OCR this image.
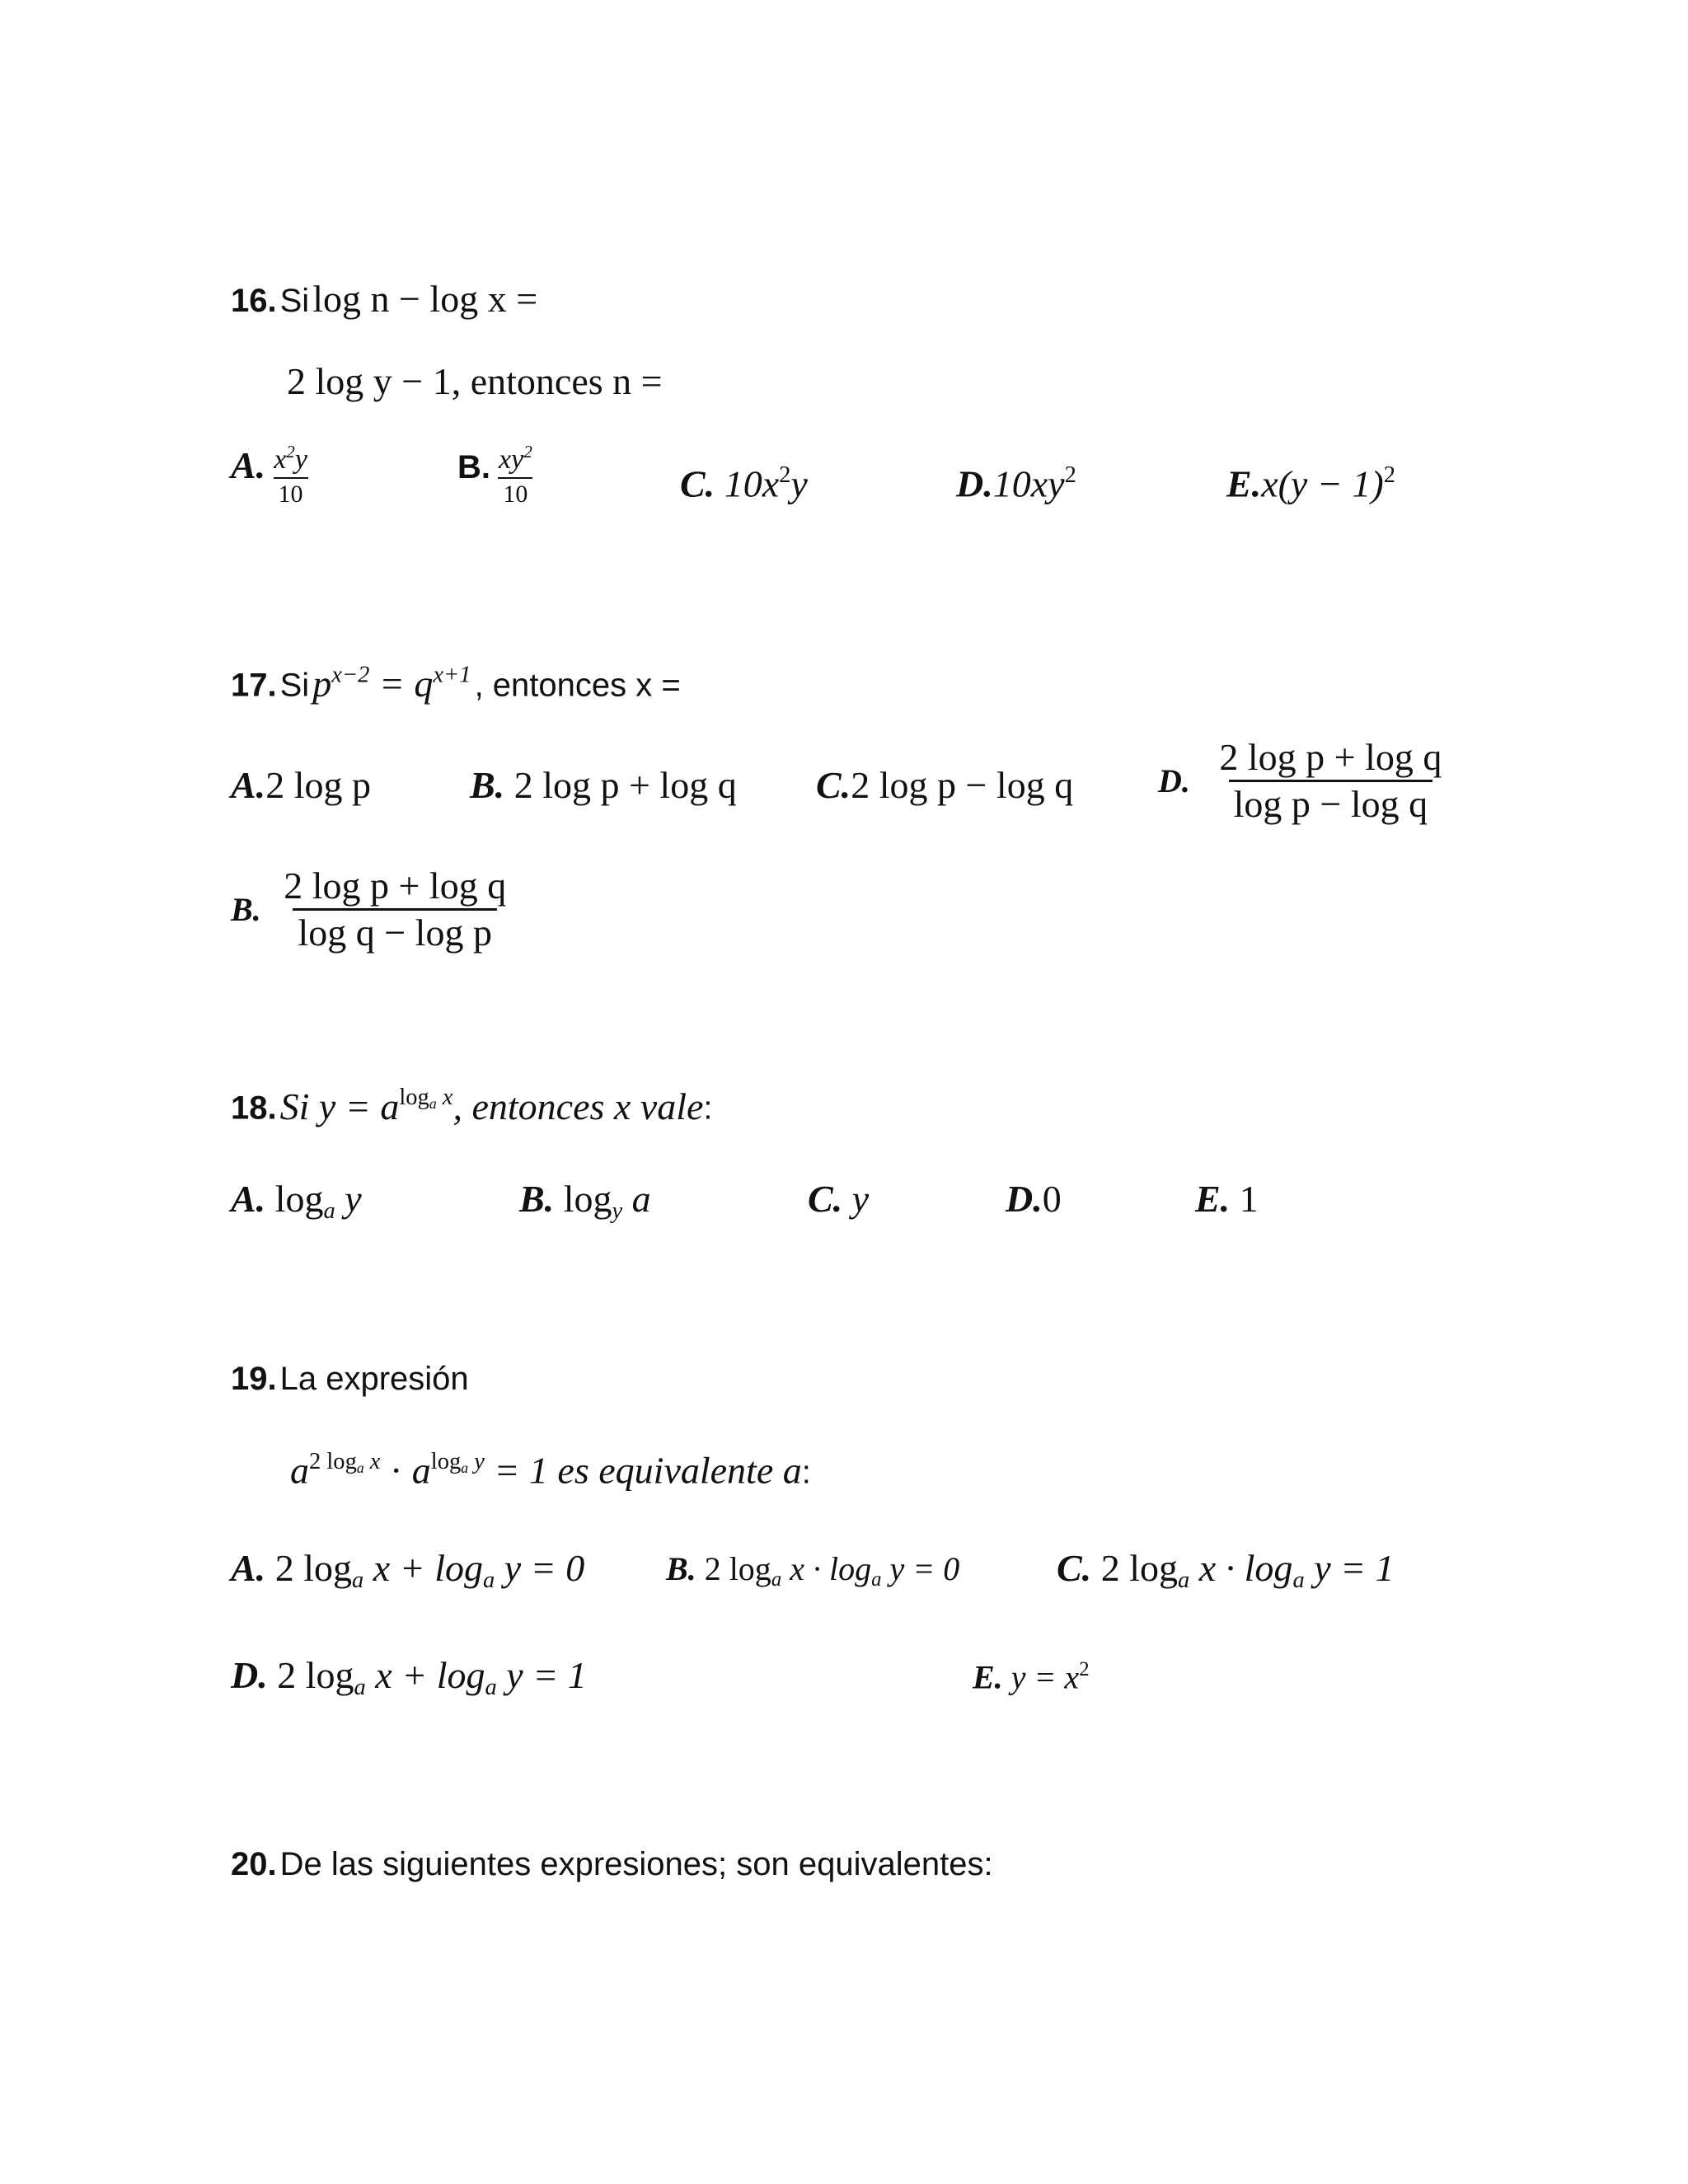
16. Si log n − log x =
2 log y − 1, entonces n =
A. $\frac{x^2y}{10}$	B. $\frac{xy^2}{10}$	C. $10x^2y$	$D.10xy^2$	$E.x(y - 1)^2$
17. Si $p^{x-2} = q^{x+1}$ , entonces x =
A.2 log p	B. 2 log p + log q C.2 log p − log q	D. $\frac{\text{2 log p + log q}}{\text{log p − log q}}$
B. $\frac{\text{2 log p + log q}}{\text{log q − log p}}$
18. Si $y = a^{log_a x}$, entonces x vale:
A. $\log_a y$	B. $\log_y a$	C. y	D.0	E. 1
19. La expresión
$a^{2 log_a x} \cdot a^{log_a y} = 1$ es equivalente a:
A. 2 $\log_a x + \log_a y = 0$ B. 2 $\log_a x \cdot \log_a y = 0$	C. 2 $\log_a x \cdot \log_a y = 1$
D. 2 $\log_a x + \log_a y = 1$	E. $y = x^2$
20. De las siguientes expresiones; son equivalentes:
